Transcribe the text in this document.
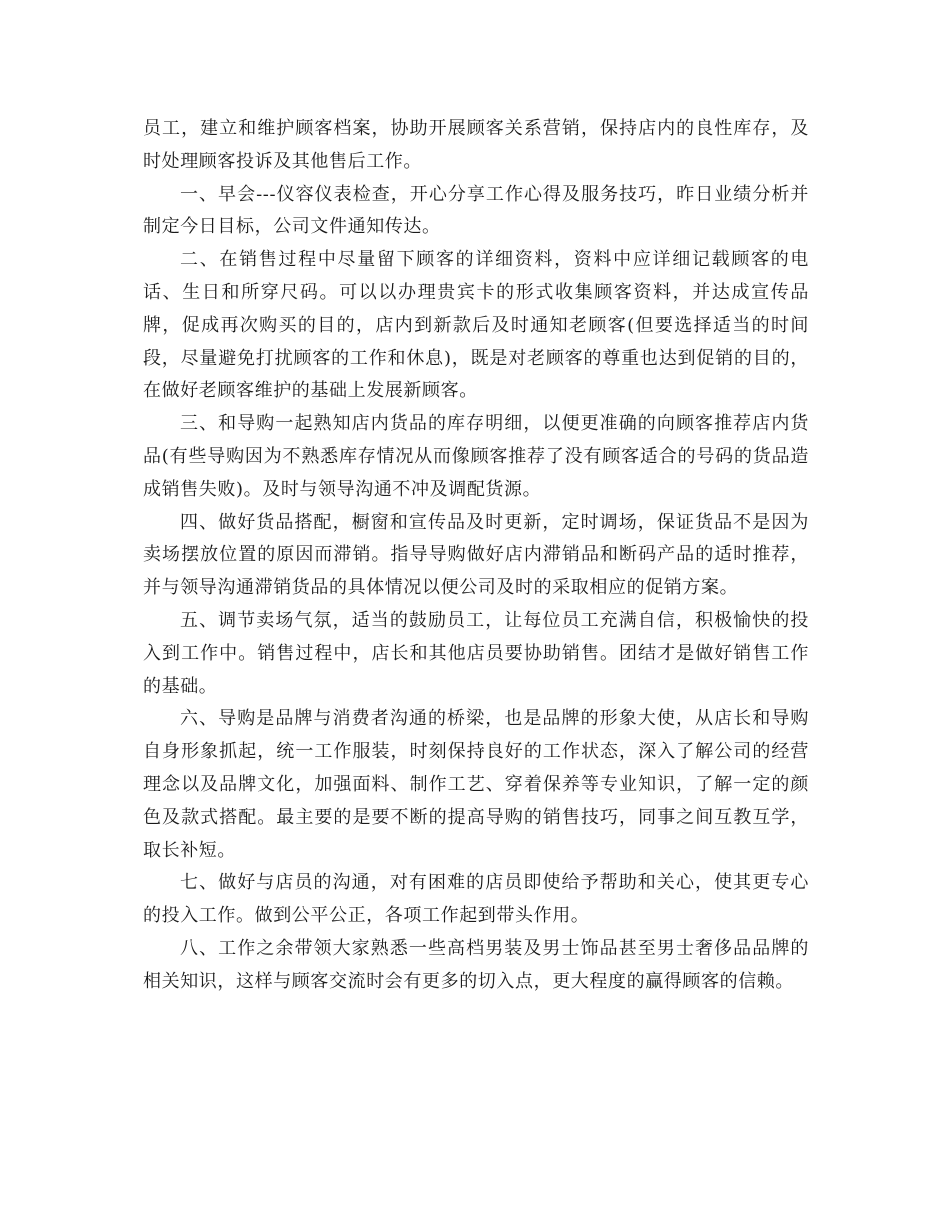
员工，建立和维护顾客档案，协助开展顾客关系营销，保持店内的良性库存，及时处理顾客投诉及其他售后工作。

一、早会---仪容仪表检查，开心分享工作心得及服务技巧，昨日业绩分析并制定今日目标，公司文件通知传达。

二、在销售过程中尽量留下顾客的详细资料，资料中应详细记载顾客的电话、生日和所穿尺码。可以以办理贵宾卡的形式收集顾客资料，并达成宣传品牌，促成再次购买的目的，店内到新款后及时通知老顾客(但要选择适当的时间段，尽量避免打扰顾客的工作和休息)，既是对老顾客的尊重也达到促销的目的，在做好老顾客维护的基础上发展新顾客。

三、和导购一起熟知店内货品的库存明细，以便更准确的向顾客推荐店内货品(有些导购因为不熟悉库存情况从而像顾客推荐了没有顾客适合的号码的货品造成销售失败)。及时与领导沟通不冲及调配货源。

四、做好货品搭配，橱窗和宣传品及时更新，定时调场，保证货品不是因为卖场摆放位置的原因而滞销。指导导购做好店内滞销品和断码产品的适时推荐，并与领导沟通滞销货品的具体情况以便公司及时的采取相应的促销方案。

五、调节卖场气氛，适当的鼓励员工，让每位员工充满自信，积极愉快的投入到工作中。销售过程中，店长和其他店员要协助销售。团结才是做好销售工作的基础。

六、导购是品牌与消费者沟通的桥梁，也是品牌的形象大使，从店长和导购自身形象抓起，统一工作服装，时刻保持良好的工作状态，深入了解公司的经营理念以及品牌文化，加强面料、制作工艺、穿着保养等专业知识，了解一定的颜色及款式搭配。最主要的是要不断的提高导购的销售技巧，同事之间互教互学，取长补短。

七、做好与店员的沟通，对有困难的店员即使给予帮助和关心，使其更专心的投入工作。做到公平公正，各项工作起到带头作用。

八、工作之余带领大家熟悉一些高档男装及男士饰品甚至男士奢侈品品牌的相关知识，这样与顾客交流时会有更多的切入点，更大程度的赢得顾客的信赖。
